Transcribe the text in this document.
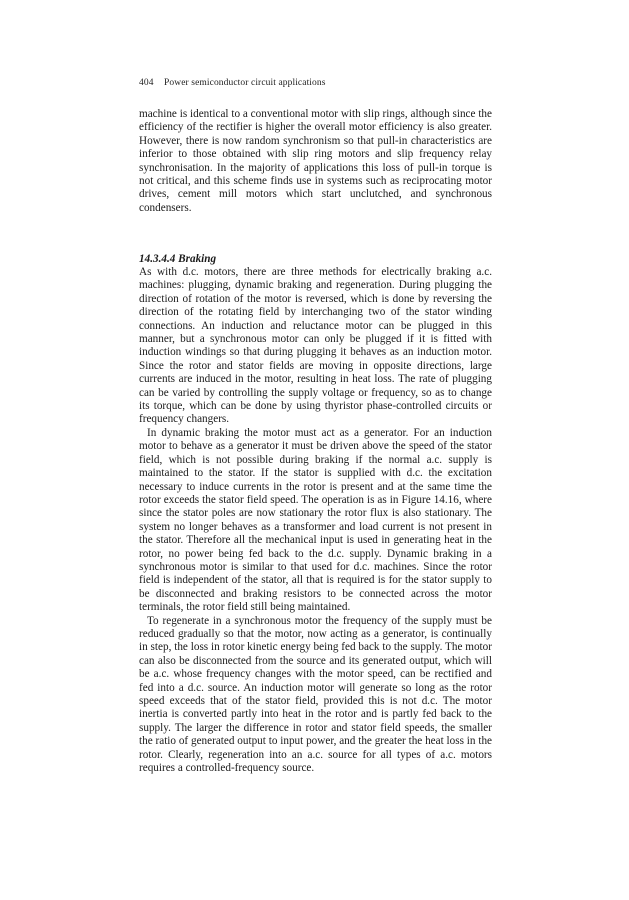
404 Power semiconductor circuit applications

machine is identical to a conventional motor with slip rings, although since the efficiency of the rectifier is higher the overall motor efficiency is also greater. However, there is now random synchronism so that pull-in characteristics are inferior to those obtained with slip ring motors and slip frequency relay synchronisation. In the majority of applications this loss of pull-in torque is not critical, and this scheme finds use in systems such as reciprocating motor drives, cement mill motors which start unclutched, and synchronous condensers.

14.3.4.4 Braking

As with d.c. motors, there are three methods for electrically braking a.c. machines: plugging, dynamic braking and regeneration. During plugging the direction of rotation of the motor is reversed, which is done by reversing the direction of the rotating field by interchanging two of the stator winding connections. An induction and reluctance motor can be plugged in this manner, but a synchronous motor can only be plugged if it is fitted with induction windings so that during plugging it behaves as an induction motor. Since the rotor and stator fields are moving in opposite directions, large currents are induced in the motor, resulting in heat loss. The rate of plugging can be varied by controlling the supply voltage or frequency, so as to change its torque, which can be done by using thyristor phase-controlled circuits or frequency changers.

In dynamic braking the motor must act as a generator. For an induction motor to behave as a generator it must be driven above the speed of the stator field, which is not possible during braking if the normal a.c. supply is maintained to the stator. If the stator is supplied with d.c. the excitation necessary to induce currents in the rotor is present and at the same time the rotor exceeds the stator field speed. The operation is as in Figure 14.16, where since the stator poles are now stationary the rotor flux is also stationary. The system no longer behaves as a transformer and load current is not present in the stator. Therefore all the mechanical input is used in generating heat in the rotor, no power being fed back to the d.c. supply. Dynamic braking in a synchronous motor is similar to that used for d.c. machines. Since the rotor field is independent of the stator, all that is required is for the stator supply to be disconnected and braking resistors to be connected across the motor terminals, the rotor field still being maintained.

To regenerate in a synchronous motor the frequency of the supply must be reduced gradually so that the motor, now acting as a generator, is continually in step, the loss in rotor kinetic energy being fed back to the supply. The motor can also be disconnected from the source and its generated output, which will be a.c. whose frequency changes with the motor speed, can be rectified and fed into a d.c. source. An induction motor will generate so long as the rotor speed exceeds that of the stator field, provided this is not d.c. The motor inertia is converted partly into heat in the rotor and is partly fed back to the supply. The larger the difference in rotor and stator field speeds, the smaller the ratio of generated output to input power, and the greater the heat loss in the rotor. Clearly, regeneration into an a.c. source for all types of a.c. motors requires a controlled-frequency source.
